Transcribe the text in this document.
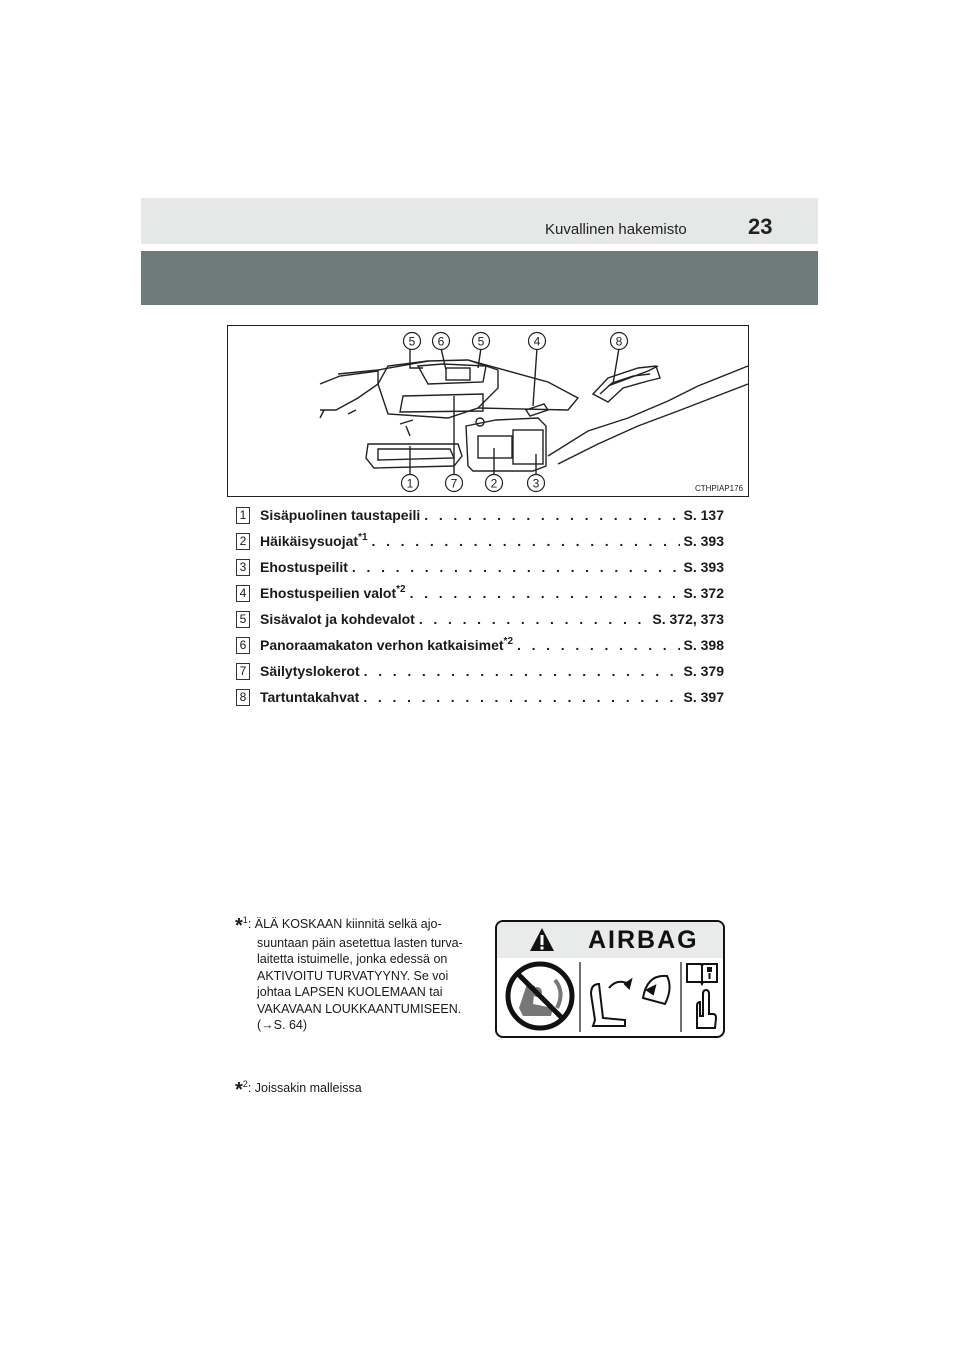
Kuvallinen hakemisto	23
5 6	5	4	8
1	7	2	3	CTHPIAP176
1 Sisäpuolinen taustapeili . . .	S. 137
2 Häikäisysuojat$^{*1}$ . . .	S. 393
3 Ehostuspeilit . . .	S. 393
4 Ehostuspeilien valot$^{*2}$ . . .	S. 372
5 Sisävalot ja kohdevalot . . .	S. 372, 373
6 Panoraamakaton verhon katkaisimet$^{*2}$ . . .	S. 398
7 Säilytyslokerot . . .	S. 379
8 Tartuntakahvat . . .	S. 397
*$^1$: ÄLÄ KOSKAAN kiinnitä selkä ajo-
suuntaan päin asetettua lasten turva-
laitetta istuimelle, jonka edessä on
AKTIVOITU TURVATYYNY. Se voi
johtaa LAPSEN KUOLEMAAN tai
VAKAVAAN LOUKKAANTUMISEEN.
(→S. 64)
AIRBAG
*$^2$: Joissakin malleissa
